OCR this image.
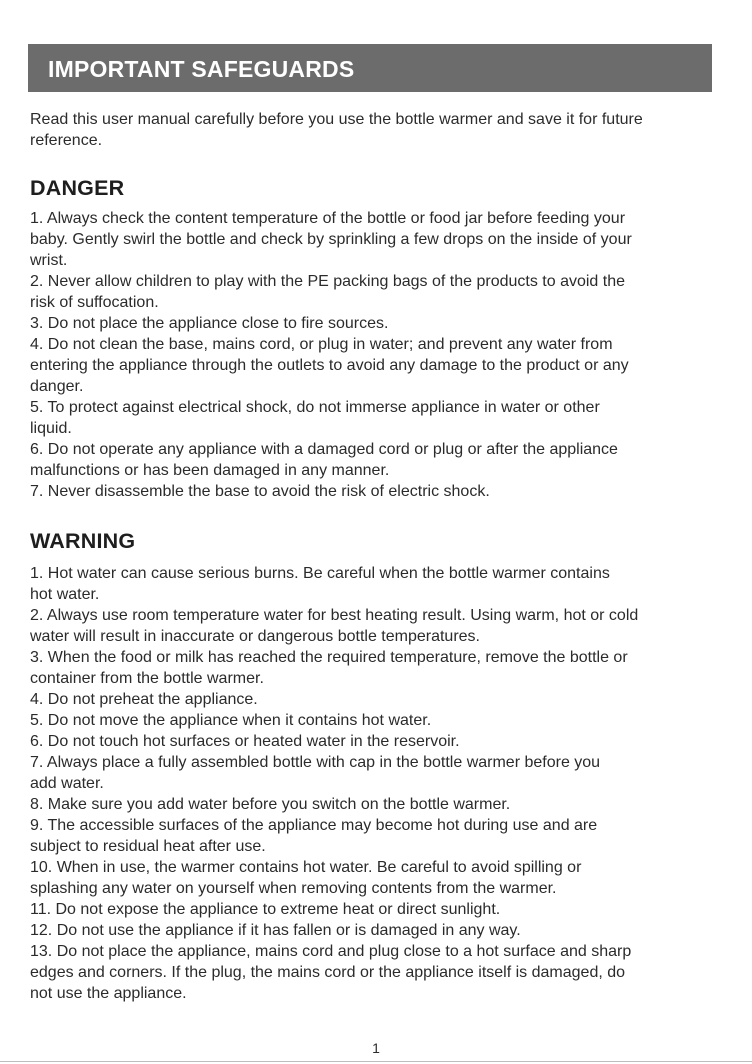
IMPORTANT SAFEGUARDS

Read this user manual carefully before you use the bottle warmer and save it for future
reference.

DANGER
1. Always check the content temperature of the bottle or food jar before feeding your
baby. Gently swirl the bottle and check by sprinkling a few drops on the inside of your
wrist.
2. Never allow children to play with the PE packing bags of the products to avoid the
risk of suffocation.
3. Do not place the appliance close to fire sources.
4. Do not clean the base, mains cord, or plug in water; and prevent any water from
entering the appliance through the outlets to avoid any damage to the product or any
danger.
5. To protect against electrical shock, do not immerse appliance in water or other
liquid.
6. Do not operate any appliance with a damaged cord or plug or after the appliance
malfunctions or has been damaged in any manner.
7. Never disassemble the base to avoid the risk of electric shock.
WARNING
1. Hot water can cause serious burns. Be careful when the bottle warmer contains
hot water.
2. Always use room temperature water for best heating result. Using warm, hot or cold
water will result in inaccurate or dangerous bottle temperatures.
3. When the food or milk has reached the required temperature, remove the bottle or
container from the bottle warmer.
4. Do not preheat the appliance.
5. Do not move the appliance when it contains hot water.
6. Do not touch hot surfaces or heated water in the reservoir.
7. Always place a fully assembled bottle with cap in the bottle warmer before you
add water.
8. Make sure you add water before you switch on the bottle warmer.
9. The accessible surfaces of the appliance may become hot during use and are
subject to residual heat after use.
10. When in use, the warmer contains hot water. Be careful to avoid spilling or
splashing any water on yourself when removing contents from the warmer.
11. Do not expose the appliance to extreme heat or direct sunlight.
12. Do not use the appliance if it has fallen or is damaged in any way.
13. Do not place the appliance, mains cord and plug close to a hot surface and sharp
edges and corners. If the plug, the mains cord or the appliance itself is damaged, do
not use the appliance.
1
